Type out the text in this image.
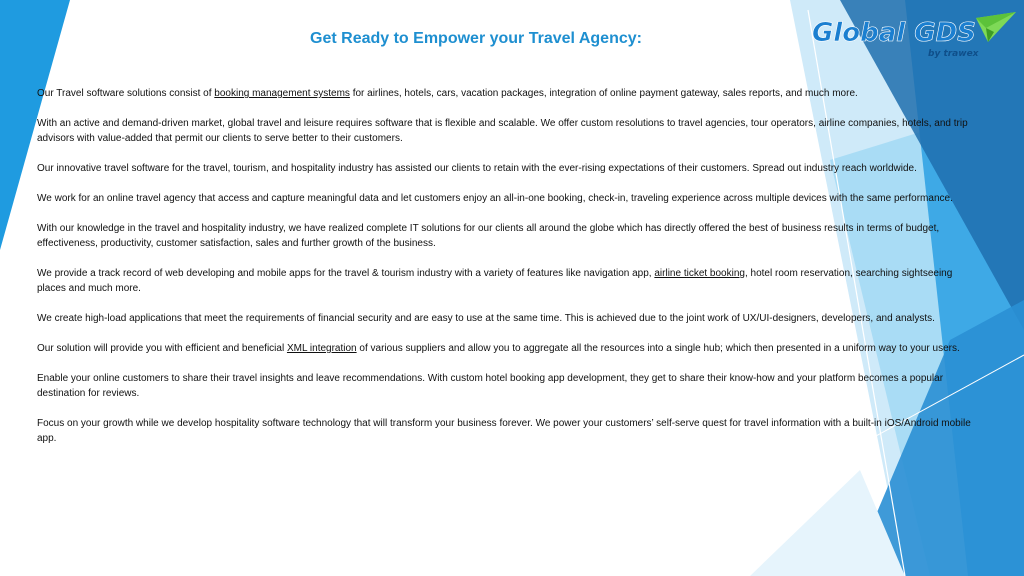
Global GDS
by trawex
Get Ready to Empower your Travel Agency:

Our Travel software solutions consist of booking management systems for airlines, hotels, cars, vacation packages, integration of online payment gateway, sales reports, and much more.

With an active and demand-driven market, global travel and leisure requires software that is flexible and scalable. We offer custom resolutions to travel agencies, tour operators, airline companies, hotels, and trip advisors with value-added that permit our clients to serve better to their customers.

Our innovative travel software for the travel, tourism, and hospitality industry has assisted our clients to retain with the ever-rising expectations of their customers. Spread out industry reach worldwide.

We work for an online travel agency that access and capture meaningful data and let customers enjoy an all-in-one booking, check-in, traveling experience across multiple devices with the same performance.

With our knowledge in the travel and hospitality industry, we have realized complete IT solutions for our clients all around the globe which has directly offered the best of business results in terms of budget, effectiveness, productivity, customer satisfaction, sales and further growth of the business.

We provide a track record of web developing and mobile apps for the travel & tourism industry with a variety of features like navigation app, airline ticket booking, hotel room reservation, searching sightseeing places and much more.

We create high-load applications that meet the requirements of financial security and are easy to use at the same time. This is achieved due to the joint work of UX/UI-designers, developers, and analysts.

Our solution will provide you with efficient and beneficial XML integration of various suppliers and allow you to aggregate all the resources into a single hub; which then presented in a uniform way to your users.

Enable your online customers to share their travel insights and leave recommendations. With custom hotel booking app development, they get to share their know-how and your platform becomes a popular destination for reviews.

Focus on your growth while we develop hospitality software technology that will transform your business forever. We power your customers’ self-serve quest for travel information with a built-in iOS/Android mobile app.
